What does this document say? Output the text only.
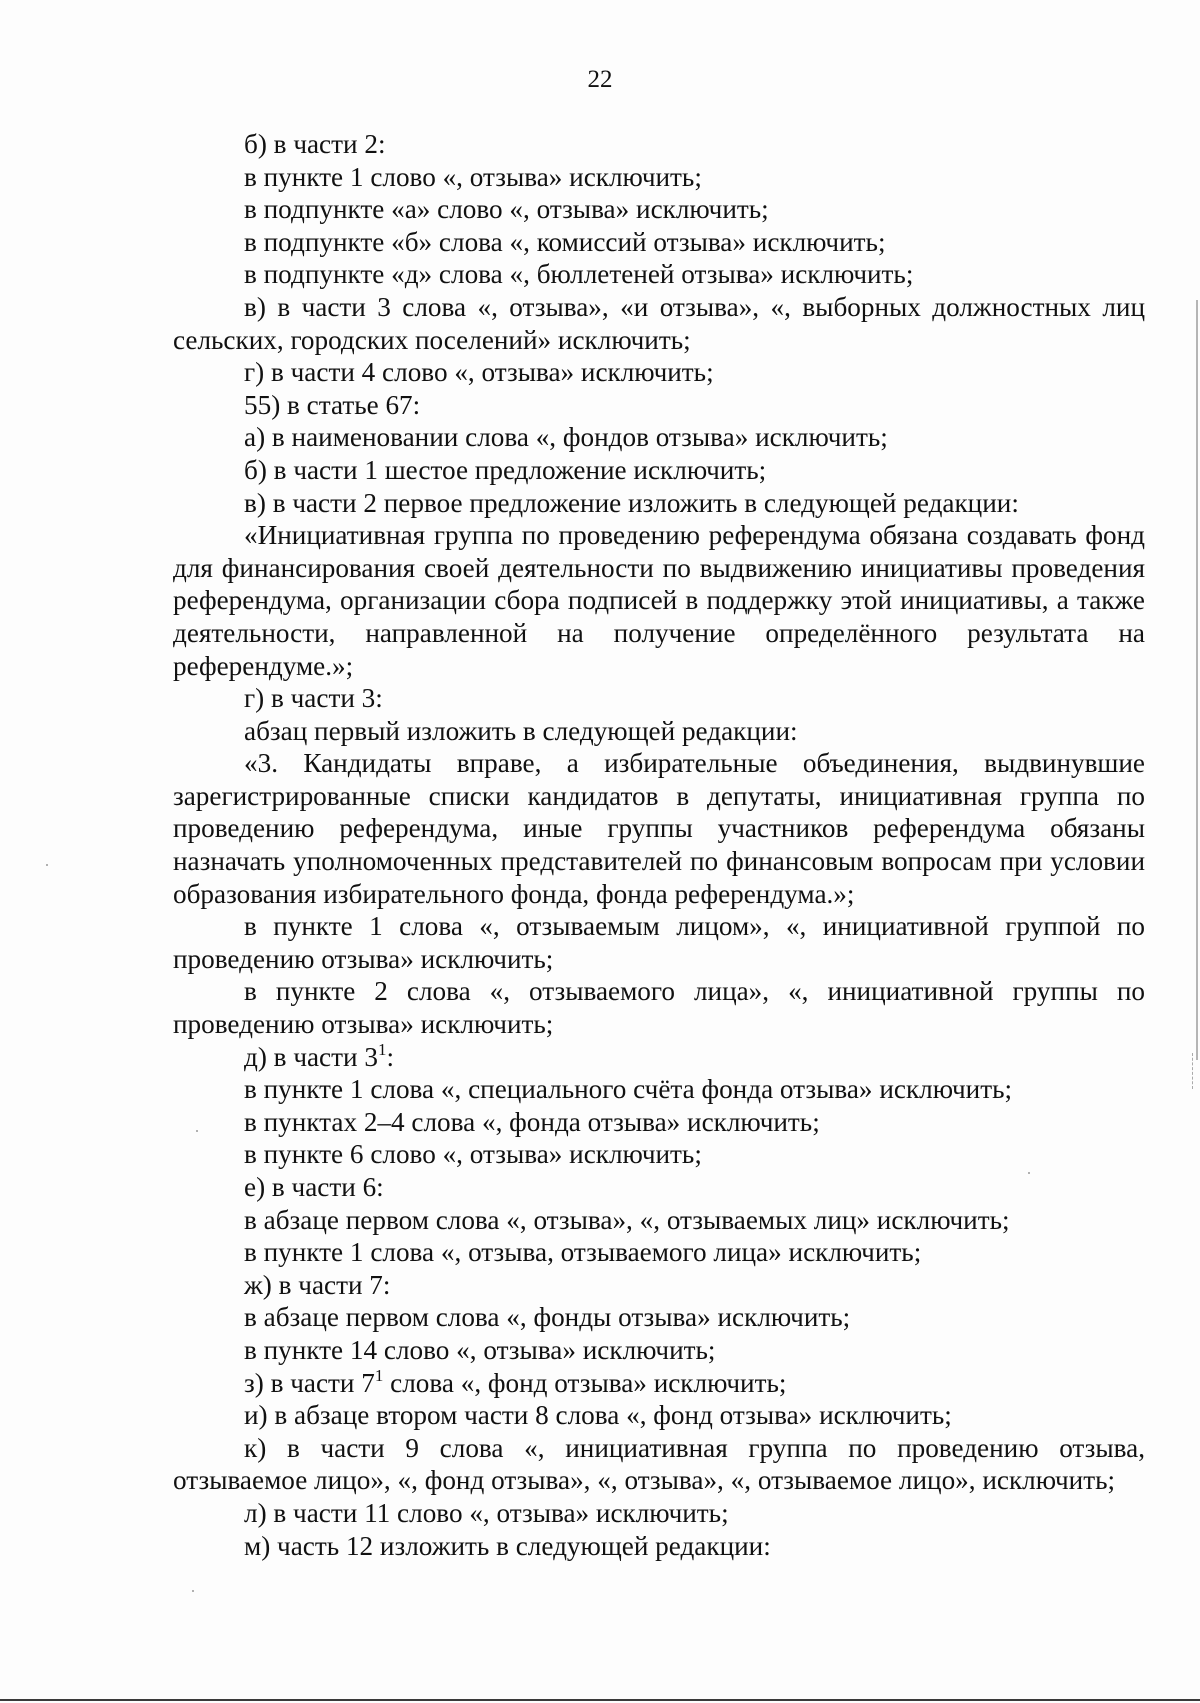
22

б) в части 2:

в пункте 1 слово «, отзыва» исключить;

в подпункте «а» слово «, отзыва» исключить;

в подпункте «б» слова «, комиссий отзыва» исключить;

в подпункте «д» слова «, бюллетеней отзыва» исключить;

в) в части 3 слова «, отзыва», «и отзыва», «, выборных должностных лиц сельских, городских поселений» исключить;

г) в части 4 слово «, отзыва» исключить;

55) в статье 67:

а) в наименовании слова «, фондов отзыва» исключить;

б) в части 1 шестое предложение исключить;

в) в части 2 первое предложение изложить в следующей редакции:

«Инициативная группа по проведению референдума обязана создавать фонд для финансирования своей деятельности по выдвижению инициативы проведения референдума, организации сбора подписей в поддержку этой инициативы, а также деятельности, направленной на получение определённого результата на референдуме.»;

г) в части 3:

абзац первый изложить в следующей редакции:

«3. Кандидаты вправе, а избирательные объединения, выдвинувшие зарегистрированные списки кандидатов в депутаты, инициативная группа по проведению референдума, иные группы участников референдума обязаны назначать уполномоченных представителей по финансовым вопросам при условии образования избирательного фонда, фонда референдума.»;

в пункте 1 слова «, отзываемым лицом», «, инициативной группой по проведению отзыва» исключить;

в пункте 2 слова «, отзываемого лица», «, инициативной группы по проведению отзыва» исключить;

д) в части $3^1$:

в пункте 1 слова «, специального счёта фонда отзыва» исключить;

в пунктах 2–4 слова «, фонда отзыва» исключить;

в пункте 6 слово «, отзыва» исключить;

е) в части 6:

в абзаце первом слова «, отзыва», «, отзываемых лиц» исключить;

в пункте 1 слова «, отзыва, отзываемого лица» исключить;

ж) в части 7:

в абзаце первом слова «, фонды отзыва» исключить;

в пункте 14 слово «, отзыва» исключить;

з) в части $7^1$ слова «, фонд отзыва» исключить;

и) в абзаце втором части 8 слова «, фонд отзыва» исключить;

к) в части 9 слова «, инициативная группа по проведению отзыва, отзываемое лицо», «, фонд отзыва», «, отзыва», «, отзываемое лицо», исключить;

л) в части 11 слово «, отзыва» исключить;

м) часть 12 изложить в следующей редакции:
